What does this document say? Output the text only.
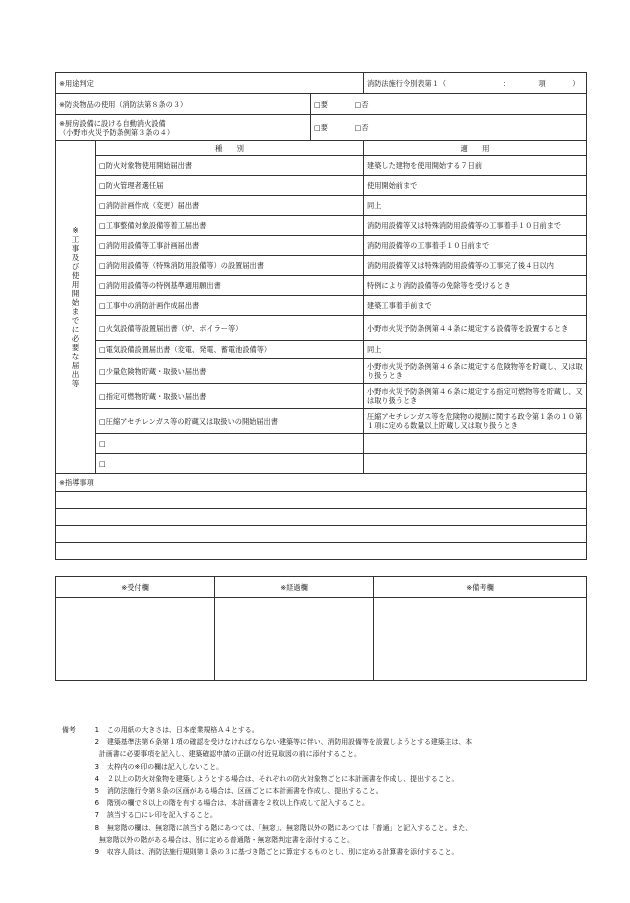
※用途判定			消防法施行令別表第１（ ： 項 ）
※防炎物品の使用（消防法第８条の３）		□要 □否	

※厨房設備に設ける自動消火設備
（小野市火災予防条例第３条の４）		□要 □否	
※工事及び使用開始までに必要な届出等	種　　別		適　　用
	□防火対象物使用開始届出書		建築した建物を使用開始する７日前
	□防火管理者選任届		使用開始前まで
	□消防計画作成（変更）届出書		同上
	□工事整備対象設備等着工届出書		消防用設備等又は特殊消防用設備等の工事着手１０日前まで
	□消防用設備等工事計画届出書		消防用設備等の工事着手１０日前まで
	□消防用設備等（特殊消防用設備等）の設置届出書		消防用設備等又は特殊消防用設備等の工事完了後４日以内
	□消防用設備等の特例基準適用願出書		特例により消防設備等の免除等を受けるとき
	□工事中の消防計画作成届出書		建築工事着手前まで
	□火気設備等設置届出書（炉、ボイラー等）		小野市火災予防条例第４４条に規定する設備等を設置するとき
	□電気設備設置届出書（変電、発電、蓄電池設備等）		同上
	□少量危険物貯蔵・取扱い届出書		小野市火災予防条例第４６条に規定する危険物等を貯蔵し、又は取り扱うとき
	□指定可燃物貯蔵・取扱い届出書		小野市火災予防条例第４６条に規定する指定可燃物等を貯蔵し、又は取り扱うとき
	□圧縮アセチレンガス等の貯蔵又は取扱いの開始届出書		圧縮アセチレンガス等を危険物の規制に関する政令第１条の１０第１項に定める数量以上貯蔵し又は取り扱うとき
	□		
	□		
※指導事項			

※受付欄	※経過欄	※備考欄

備考	1	この用紙の大きさは、日本産業規格Ａ４とする。
2	建築基準法第６条第１項の確認を受けなければならない建築等に伴い、消防用設備等を設置しようとする建築主は、本
計画書に必要事項を記入し、建築確認申請の正副の付近見取図の前に添付すること。
3	太枠内の※印の欄は記入しないこと。
4	２以上の防火対象物を建築しようとする場合は、それぞれの防火対象物ごとに本計画書を作成し、提出すること。
5	消防法施行令第８条の区画がある場合は、区画ごとに本計画書を作成し、提出すること。
6	階別の欄で８以上の階を有する場合は、本計画書を２枚以上作成して記入すること。
7	該当する□にレ印を記入すること。
8	無窓階の欄は、無窓階に該当する階にあつては、「無窓」、無窓階以外の階にあつては「普通」と記入すること。また、
無窓階以外の階がある場合は、別に定める普通階・無窓階判定書を添付すること。
9	収容人員は、消防法施行規則第１条の３に基づき階ごとに算定するものとし、別に定める計算書を添付すること。
